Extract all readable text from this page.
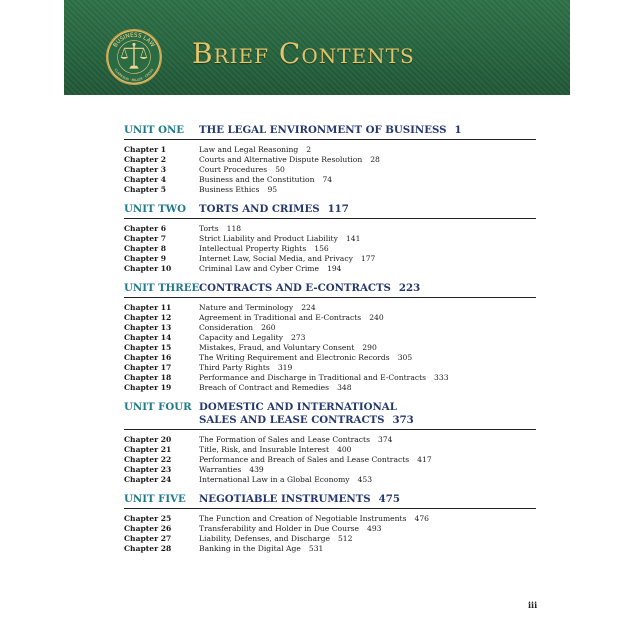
BUSINESS LAW
CLARKSON · MILLER · CROSS Brief Contents
UNIT ONE	THE LEGAL ENVIRONMENT OF BUSINESS 1
Chapter 1	Law and Legal Reasoning 2
Chapter 2	Courts and Alternative Dispute Resolution 28
Chapter 3	Court Procedures 50
Chapter 4	Business and the Constitution 74
Chapter 5	Business Ethics 95
UNIT TWO	TORTS AND CRIMES 117
Chapter 6	Torts 118
Chapter 7	Strict Liability and Product Liability 141
Chapter 8	Intellectual Property Rights 156
Chapter 9	Internet Law, Social Media, and Privacy 177
Chapter 10	Criminal Law and Cyber Crime 194
UNIT THREE CONTRACTS AND E-CONTRACTS 223
Chapter 11	Nature and Terminology 224
Chapter 12	Agreement in Traditional and E-Contracts 240
Chapter 13	Consideration 260
Chapter 14	Capacity and Legality 273
Chapter 15	Mistakes, Fraud, and Voluntary Consent 290
Chapter 16	The Writing Requirement and Electronic Records 305
Chapter 17	Third Party Rights 319
Chapter 18	Performance and Discharge in Traditional and E-Contracts 333
Chapter 19	Breach of Contract and Remedies 348
UNIT FOUR DOMESTIC AND INTERNATIONAL
SALES AND LEASE CONTRACTS 373
Chapter 20	The Formation of Sales and Lease Contracts 374
Chapter 21	Title, Risk, and Insurable Interest 400
Chapter 22	Performance and Breach of Sales and Lease Contracts 417
Chapter 23	Warranties 439
Chapter 24	International Law in a Global Economy 453
UNIT FIVE	NEGOTIABLE INSTRUMENTS 475
Chapter 25	The Function and Creation of Negotiable Instruments 476
Chapter 26	Transferability and Holder in Due Course 493
Chapter 27	Liability, Defenses, and Discharge 512
Chapter 28	Banking in the Digital Age 531
iii
